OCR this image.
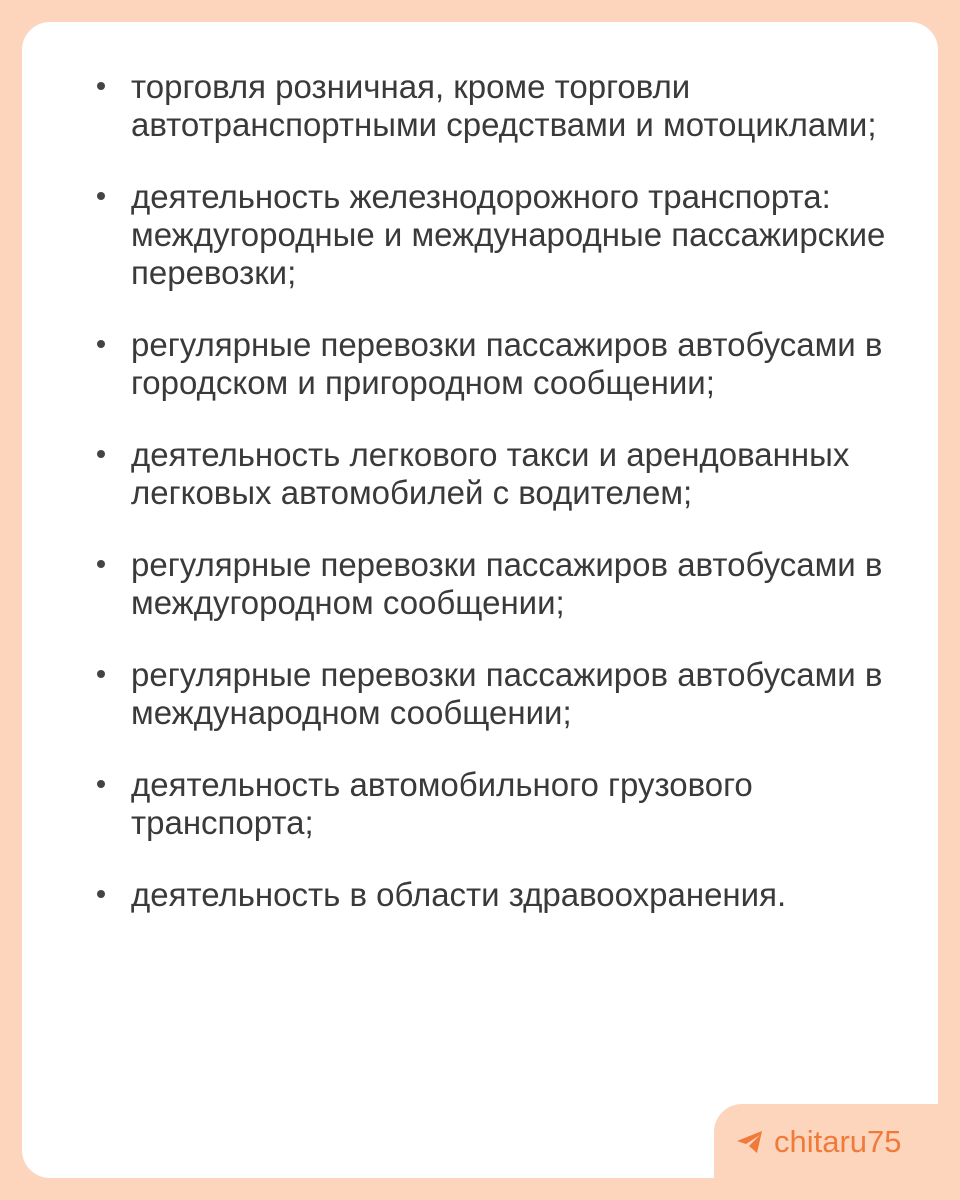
торговля розничная, кроме торговли автотранспортными средствами и мотоциклами;
деятельность железнодорожного транспорта: междугородные и международные пассажирские перевозки;
регулярные перевозки пассажиров автобусами в городском и пригородном сообщении;
деятельность легкового такси и арендованных легковых автомобилей с водителем;
регулярные перевозки пассажиров автобусами в междугородном сообщении;
регулярные перевозки пассажиров автобусами в международном сообщении;
деятельность автомобильного грузового транспорта;
деятельность в области здравоохранения.
chitaru75
